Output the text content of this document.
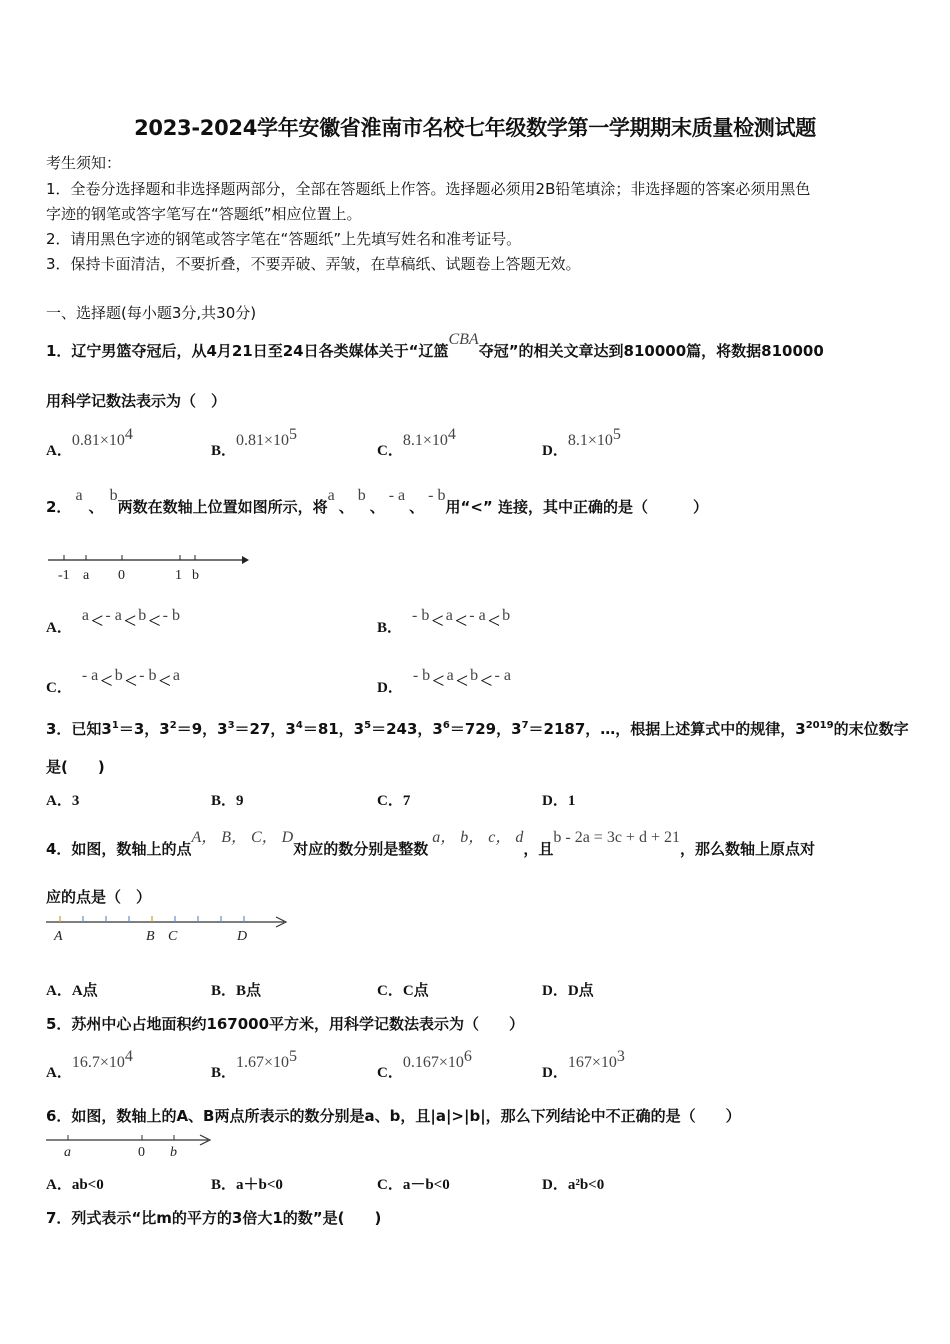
2023-2024学年安徽省淮南市名校七年级数学第一学期期末质量检测试题
考生须知：
1．全卷分选择题和非选择题两部分，全部在答题纸上作答。选择题必须用2B铅笔填涂；非选择题的答案必须用黑色
字迹的钢笔或答字笔写在“答题纸”相应位置上。
2．请用黑色字迹的钢笔或答字笔在“答题纸”上先填写姓名和准考证号。
3．保持卡面清洁，不要折叠，不要弄破、弄皱，在草稿纸、试题卷上答题无效。
一、选择题(每小题3分,共30分)
1．辽宁男篮夺冠后，从4月21日至24日各类媒体关于“辽篮CBA夺冠”的相关文章达到810000篇，将数据810000
用科学记数法表示为（　）
A．$0.81\times 10^4$
B．$0.81\times 10^5$
C．$8.1\times 10^4$
D．$8.1\times 10^5$
2．a、b两数在数轴上位置如图所示，将a、b、- a、- b用“<” 连接，其中正确的是（　　　）
-1 a 0	1 b
A．a< - a< b< - b
B．- b< a< - a< b
C．- a< b< - b< a
D．- b< a< b< - a
3．已知$3^1=3$，$3^2=9$，$3^3=27$，$3^4=81$，$3^5=243$，$3^6=729$，$3^7=2187$，…，根据上述算式中的规律，$3^{2019}$的末位数字
是(　　)
A．3	B．9	C．7	D．1
4．如图，数轴上的点A， B， C， D对应的数分别是整数a， b， c， d，且b - 2a = 3c + d + 21，那么数轴上原点对
应的点是（　）
A	B C	D
A．A点	B．B点	C．C点	D．D点
5．苏州中心占地面积约167000平方米，用科学记数法表示为（　　）
A．$16.7\times 10^4$
B．$1.67\times 10^5$
C．$0.167\times 10^6$
D．$167\times 10^3$
6．如图，数轴上的A、B两点所表示的数分别是a、b，且|a|>|b|，那么下列结论中不正确的是（　　）
a	0 b
A．ab<0	B．a＋b<0	C．a－b<0	D．a²b<0
7．列式表示“比m的平方的3倍大1的数”是(　　)
